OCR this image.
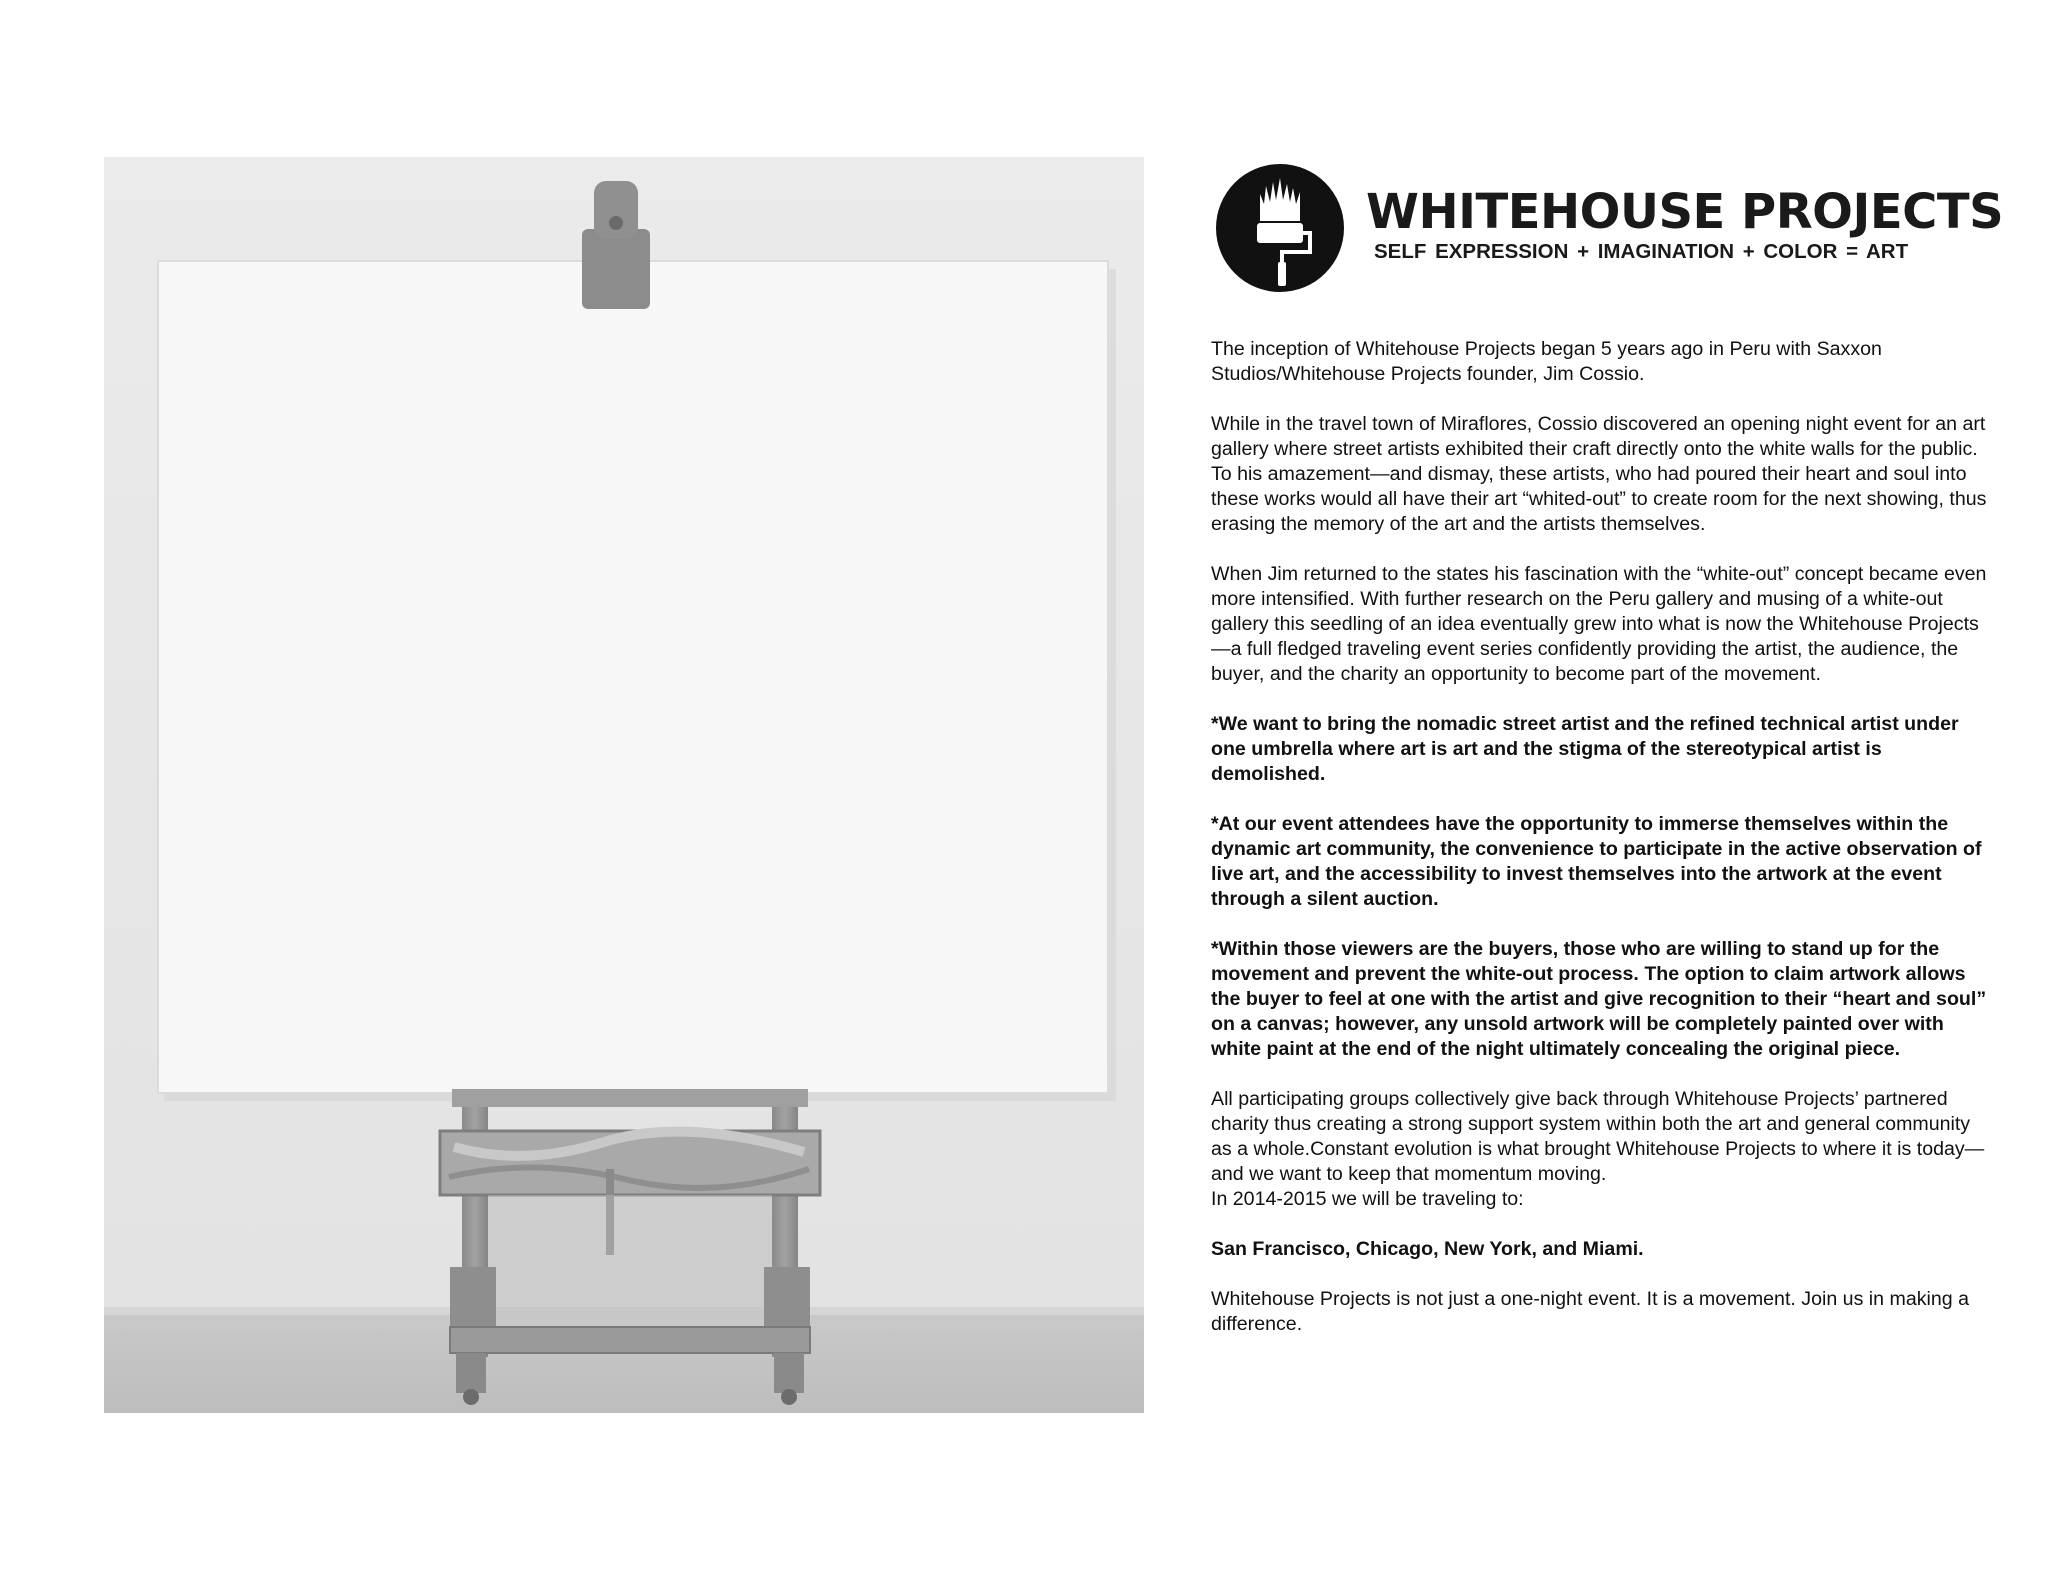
WHITEHOUSE PROJECTS
SELF EXPRESSION + IMAGINATION + COLOR = ART

The inception of Whitehouse Projects began 5 years ago in Peru with Saxxon Studios/Whitehouse Projects founder, Jim Cossio.

While in the travel town of Miraflores, Cossio discovered an opening night event for an art gallery where street artists exhibited their craft directly onto the white walls for the public. To his amazement—and dismay, these artists, who had poured their heart and soul into these works would all have their art “whited-out” to create room for the next showing, thus erasing the memory of the art and the artists themselves.

When Jim returned to the states his fascination with the “white-out” concept became even more intensified. With further research on the Peru gallery and musing of a white-out gallery this seedling of an idea eventually grew into what is now the Whitehouse Projects—a full fledged traveling event series confidently providing the artist, the audience, the buyer, and the charity an opportunity to become part of the movement.

*We want to bring the nomadic street artist and the refined technical artist under one umbrella where art is art and the stigma of the stereotypical artist is demolished.

*At our event attendees have the opportunity to immerse themselves within the dynamic art community, the convenience to participate in the active observation of live art, and the accessibility to invest themselves into the artwork at the event through a silent auction.

*Within those viewers are the buyers, those who are willing to stand up for the movement and prevent the white-out process. The option to claim artwork allows the buyer to feel at one with the artist and give recognition to their “heart and soul” on a canvas; however, any unsold artwork will be completely painted over with white paint at the end of the night ultimately concealing the original piece.

All participating groups collectively give back through Whitehouse Projects’ partnered charity thus creating a strong support system within both the art and general community as a whole.Constant evolution is what brought Whitehouse Projects to where it is today—and we want to keep that momentum moving.

In 2014-2015 we will be traveling to:

San Francisco, Chicago, New York, and Miami.

Whitehouse Projects is not just a one-night event. It is a movement. Join us in making a difference.
